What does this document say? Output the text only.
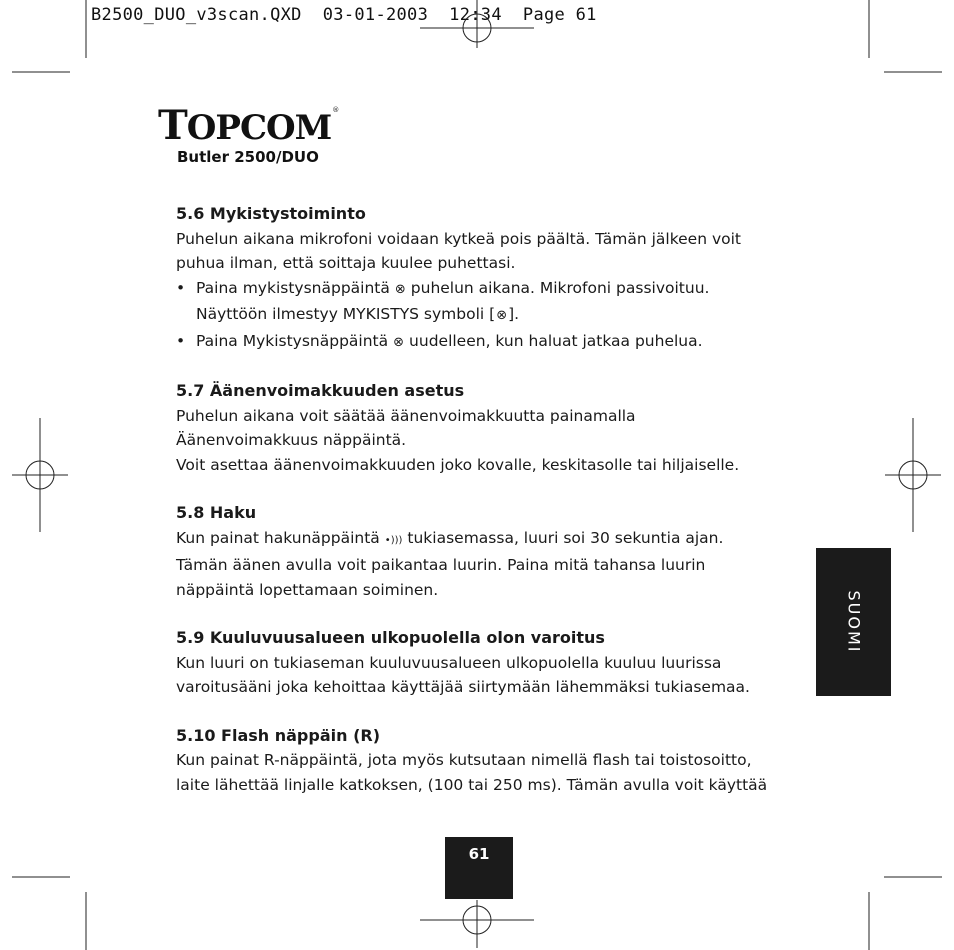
B2500_DUO_v3scan.QXD  03-01-2003  12:34  Page 61
TOPCOM®
Butler 2500/DUO
5.6 Mykistystoiminto

Puhelun aikana mikrofoni voidaan kytkeä pois päältä. Tämän jälkeen voit

puhua ilman, että soittaja kuulee puhettasi.

• Paina mykistysnäppäintä ⊗ puhelun aikana. Mikrofoni passivoituu.

Näyttöön ilmestyy MYKISTYS symboli [⊗].

• Paina Mykistysnäppäintä ⊗ uudelleen, kun haluat jatkaa puhelua.

5.7 Äänenvoimakkuuden asetus

Puhelun aikana voit säätää äänenvoimakkuutta painamalla

Äänenvoimakkuus näppäintä.

Voit asettaa äänenvoimakkuuden joko kovalle, keskitasolle tai hiljaiselle.

5.8 Haku

Kun painat hakunäppäintä •))) tukiasemassa, luuri soi 30 sekuntia ajan.

Tämän äänen avulla voit paikantaa luurin. Paina mitä tahansa luurin

näppäintä lopettamaan soiminen.

5.9 Kuuluvuusalueen ulkopuolella olon varoitus

Kun luuri on tukiaseman kuuluvuusalueen ulkopuolella kuuluu luurissa

varoitusääni joka kehoittaa käyttäjää siirtymään lähemmäksi tukiasemaa.

5.10 Flash näppäin (R)

Kun painat R-näppäintä, jota myös kutsutaan nimellä flash tai toistosoitto,

laite lähettää linjalle katkoksen, (100 tai 250 ms). Tämän avulla voit käyttää

SUOMI
61
